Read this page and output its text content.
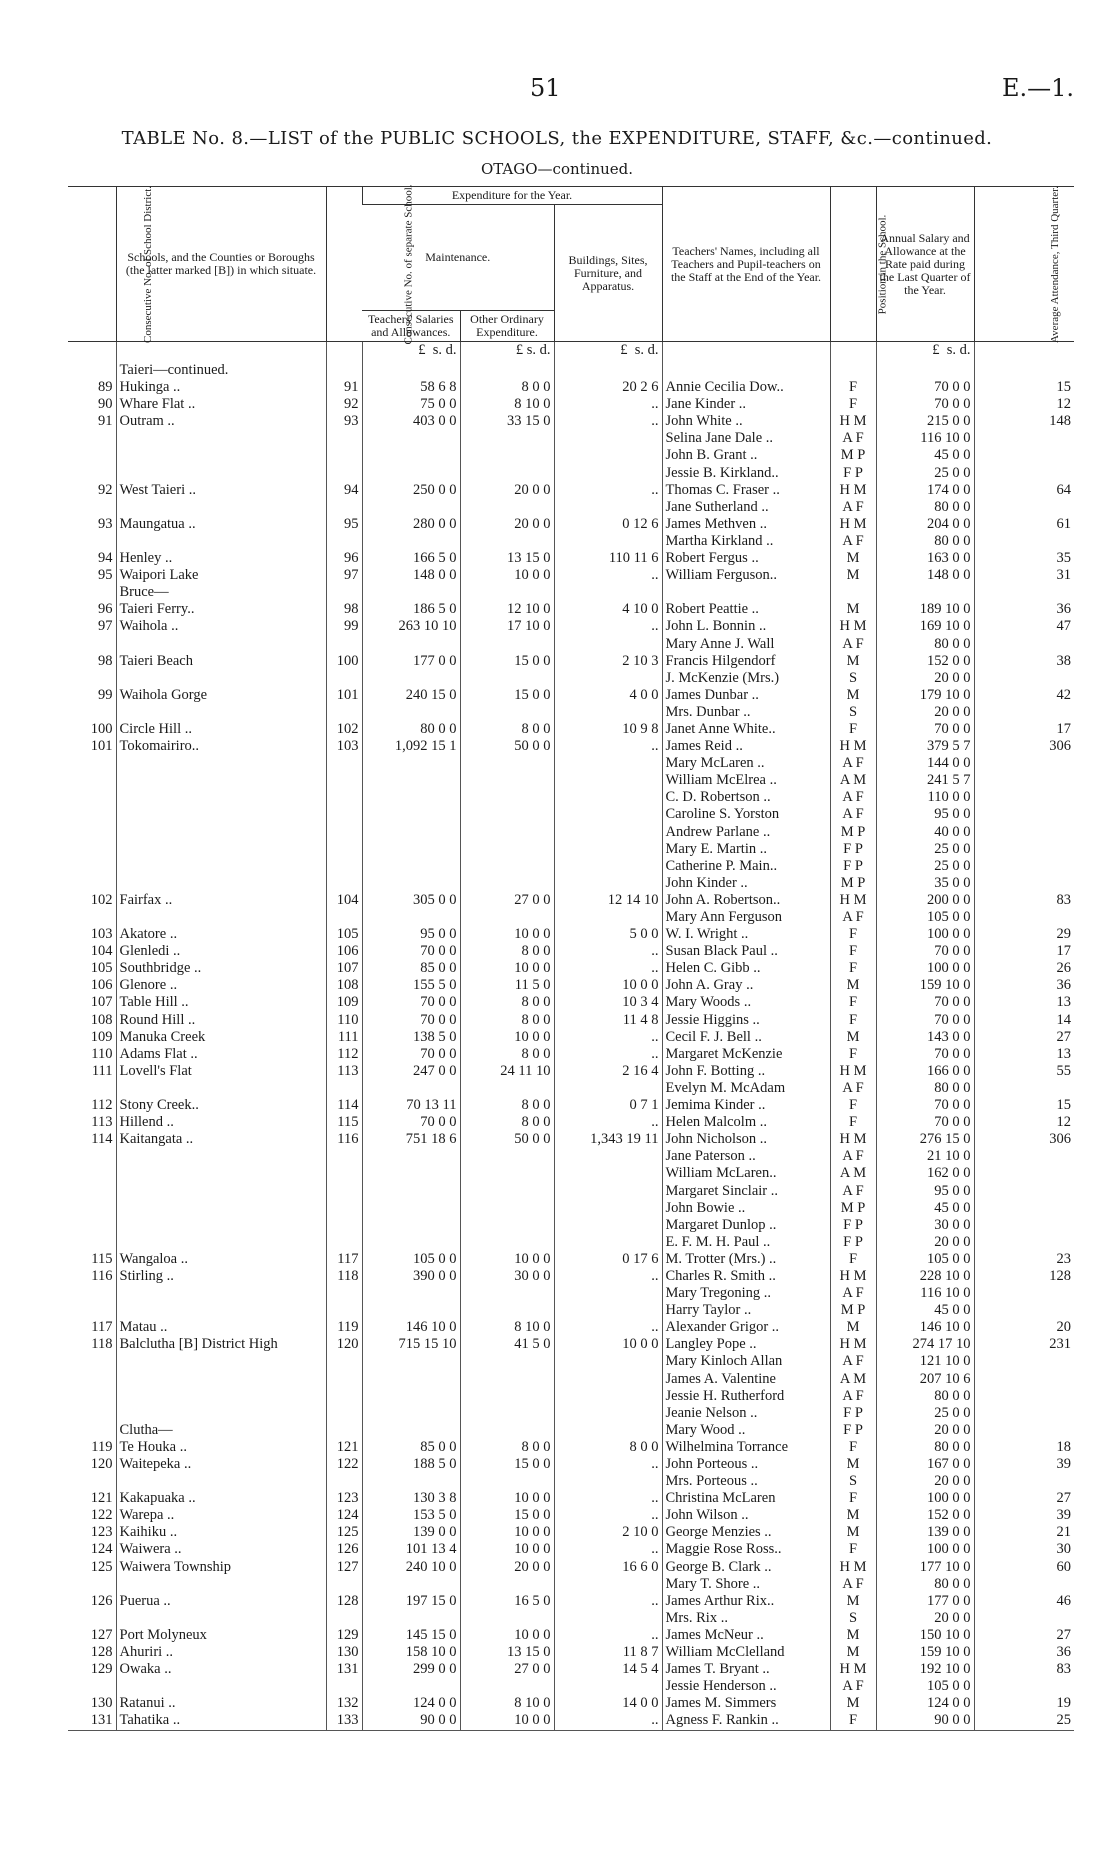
51	E.—1.
TABLE No. 8.—LIST of the PUBLIC SCHOOLS, the EXPENDITURE, STAFF, &c.—continued.
OTAGO—continued.
Consecutive No. of School District.	Schools, and the Counties or Boroughs (the latter marked [B]) in which situate.	Consecutive No. of separate School.	Expenditure for the Year.			Teachers' Names, including all Teachers and Pupil-teachers on the Staff at the End of the Year.	Position in the School.	Annual Salary and Allowance at the Rate paid during the Last Quarter of the Year.	Average Attendance, Third Quarter.
			Maintenance.		Buildings, Sites, Furniture, and Apparatus.				
			Teachers' Salaries and Allowances.	Other Ordinary Expenditure.					
			£ s. d.	£ s. d.	£ s. d.			£ s. d.	
	Taieri—continued.								
89	Hukinga ..	91	58 6 8	8 0 0	20 2 6	Annie Cecilia Dow..	F	70 0 0	15
90	Whare Flat ..	92	75 0 0	8 10 0	..	Jane Kinder ..	F	70 0 0	12
91	Outram ..	93	403 0 0	33 15 0	..	John White ..	H M	215 0 0	148
						Selina Jane Dale ..	A F	116 10 0	
						John B. Grant ..	M P	45 0 0	
						Jessie B. Kirkland..	F P	25 0 0	
92	West Taieri ..	94	250 0 0	20 0 0	..	Thomas C. Fraser ..	H M	174 0 0	64
						Jane Sutherland ..	A F	80 0 0	
93	Maungatua ..	95	280 0 0	20 0 0	0 12 6	James Methven ..	H M	204 0 0	61
						Martha Kirkland ..	A F	80 0 0	
94	Henley ..	96	166 5 0	13 15 0	110 11 6	Robert Fergus ..	M	163 0 0	35
95	Waipori Lake	97	148 0 0	10 0 0	..	William Ferguson..	M	148 0 0	31
	Bruce—								
96	Taieri Ferry..	98	186 5 0	12 10 0	4 10 0	Robert Peattie ..	M	189 10 0	36
97	Waihola ..	99	263 10 10	17 10 0	..	John L. Bonnin ..	H M	169 10 0	47
						Mary Anne J. Wall	A F	80 0 0	
98	Taieri Beach	100	177 0 0	15 0 0	2 10 3	Francis Hilgendorf	M	152 0 0	38
						J. McKenzie (Mrs.)	S	20 0 0	
99	Waihola Gorge	101	240 15 0	15 0 0	4 0 0	James Dunbar ..	M	179 10 0	42
						Mrs. Dunbar ..	S	20 0 0	
100	Circle Hill ..	102	80 0 0	8 0 0	10 9 8	Janet Anne White..	F	70 0 0	17
101	Tokomairiro..	103	1,092 15 1	50 0 0	..	James Reid ..	H M	379 5 7	306
						Mary McLaren ..	A F	144 0 0	
						William McElrea ..	A M	241 5 7	
						C. D. Robertson ..	A F	110 0 0	
						Caroline S. Yorston	A F	95 0 0	
						Andrew Parlane ..	M P	40 0 0	
						Mary E. Martin ..	F P	25 0 0	
						Catherine P. Main..	F P	25 0 0	
						John Kinder ..	M P	35 0 0	
102	Fairfax ..	104	305 0 0	27 0 0	12 14 10	John A. Robertson..	H M	200 0 0	83
						Mary Ann Ferguson	A F	105 0 0	
103	Akatore ..	105	95 0 0	10 0 0	5 0 0	W. I. Wright ..	F	100 0 0	29
104	Glenledi ..	106	70 0 0	8 0 0	..	Susan Black Paul ..	F	70 0 0	17
105	Southbridge ..	107	85 0 0	10 0 0	..	Helen C. Gibb ..	F	100 0 0	26
106	Glenore ..	108	155 5 0	11 5 0	10 0 0	John A. Gray ..	M	159 10 0	36
107	Table Hill ..	109	70 0 0	8 0 0	10 3 4	Mary Woods ..	F	70 0 0	13
108	Round Hill ..	110	70 0 0	8 0 0	11 4 8	Jessie Higgins ..	F	70 0 0	14
109	Manuka Creek	111	138 5 0	10 0 0	..	Cecil F. J. Bell ..	M	143 0 0	27
110	Adams Flat ..	112	70 0 0	8 0 0	..	Margaret McKenzie	F	70 0 0	13
111	Lovell's Flat	113	247 0 0	24 11 10	2 16 4	John F. Botting ..	H M	166 0 0	55
						Evelyn M. McAdam	A F	80 0 0	
112	Stony Creek..	114	70 13 11	8 0 0	0 7 1	Jemima Kinder ..	F	70 0 0	15
113	Hillend ..	115	70 0 0	8 0 0	..	Helen Malcolm ..	F	70 0 0	12
114	Kaitangata ..	116	751 18 6	50 0 0	1,343 19 11	John Nicholson ..	H M	276 15 0	306
						Jane Paterson ..	A F	21 10 0	
						William McLaren..	A M	162 0 0	
						Margaret Sinclair ..	A F	95 0 0	
						John Bowie ..	M P	45 0 0	
						Margaret Dunlop ..	F P	30 0 0	
						E. F. M. H. Paul ..	F P	20 0 0	
115	Wangaloa ..	117	105 0 0	10 0 0	0 17 6	M. Trotter (Mrs.) ..	F	105 0 0	23
116	Stirling ..	118	390 0 0	30 0 0	..	Charles R. Smith ..	H M	228 10 0	128
						Mary Tregoning ..	A F	116 10 0	
						Harry Taylor ..	M P	45 0 0	
117	Matau ..	119	146 10 0	8 10 0	..	Alexander Grigor ..	M	146 10 0	20
118	Balclutha [B] District High	120	715 15 10	41 5 0	10 0 0	Langley Pope ..	H M	274 17 10	231
						Mary Kinloch Allan	A F	121 10 0	
						James A. Valentine	A M	207 10 6	
						Jessie H. Rutherford	A F	80 0 0	
						Jeanie Nelson ..	F P	25 0 0	
	Clutha—					Mary Wood ..	F P	20 0 0	
119	Te Houka ..	121	85 0 0	8 0 0	8 0 0	Wilhelmina Torrance	F	80 0 0	18
120	Waitepeka ..	122	188 5 0	15 0 0	..	John Porteous ..	M	167 0 0	39
						Mrs. Porteous ..	S	20 0 0	
121	Kakapuaka ..	123	130 3 8	10 0 0	..	Christina McLaren	F	100 0 0	27
122	Warepa ..	124	153 5 0	15 0 0	..	John Wilson ..	M	152 0 0	39
123	Kaihiku ..	125	139 0 0	10 0 0	2 10 0	George Menzies ..	M	139 0 0	21
124	Waiwera ..	126	101 13 4	10 0 0	..	Maggie Rose Ross..	F	100 0 0	30
125	Waiwera Township	127	240 10 0	20 0 0	16 6 0	George B. Clark ..	H M	177 10 0	60
						Mary T. Shore ..	A F	80 0 0	
126	Puerua ..	128	197 15 0	16 5 0	..	James Arthur Rix..	M	177 0 0	46
						Mrs. Rix ..	S	20 0 0	
127	Port Molyneux	129	145 15 0	10 0 0	..	James McNeur ..	M	150 10 0	27
128	Ahuriri ..	130	158 10 0	13 15 0	11 8 7	William McClelland	M	159 10 0	36
129	Owaka ..	131	299 0 0	27 0 0	14 5 4	James T. Bryant ..	H M	192 10 0	83
						Jessie Henderson ..	A F	105 0 0	
130	Ratanui ..	132	124 0 0	8 10 0	14 0 0	James M. Simmers	M	124 0 0	19
131	Tahatika ..	133	90 0 0	10 0 0	..	Agness F. Rankin ..	F	90 0 0	25
